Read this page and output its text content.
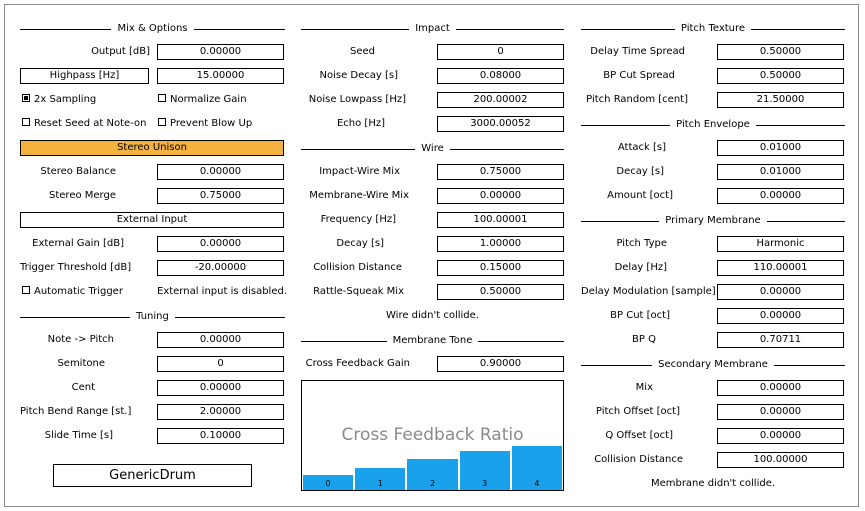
Mix & Options
Output [dB]	0.00000
Highpass [Hz]	15.00000
2x Sampling	Normalize Gain
Reset Seed at Note-on	Prevent Blow Up
Stereo Unison
Stereo Balance	0.00000
Stereo Merge	0.75000
External Input
External Gain [dB]	0.00000
Trigger Threshold [dB]	-20.00000
Automatic Trigger	External input is disabled.
Tuning
Note -> Pitch	0.00000
Semitone	0
Cent	0.00000
Pitch Bend Range [st.]	2.00000
Slide Time [s]	0.10000
GenericDrum
Impact
Seed	0
Noise Decay [s]	0.08000
Noise Lowpass [Hz]	200.00002
Echo [Hz]	3000.00052
Wire
Impact-Wire Mix	0.75000
Membrane-Wire Mix	0.00000
Frequency [Hz]	100.00001
Decay [s]	1.00000
Collision Distance	0.15000
Rattle-Squeak Mix	0.50000
Wire didn't collide.
Membrane Tone
Cross Feedback Gain	0.90000
Cross Feedback Ratio
0	1	2	3	4
Pitch Texture
Delay Time Spread	0.50000
BP Cut Spread	0.50000
Pitch Random [cent]	21.50000
Pitch Envelope
Attack [s]	0.01000
Decay [s]	0.01000
Amount [oct]	0.00000
Primary Membrane
Pitch Type	Harmonic
Delay [Hz]	110.00001
Delay Modulation [sample]	0.00000
BP Cut [oct]	0.00000
BP Q	0.70711
Secondary Membrane
Mix	0.00000
Pitch Offset [oct]	0.00000
Q Offset [oct]	0.00000
Collision Distance	100.00000
Membrane didn't collide.
